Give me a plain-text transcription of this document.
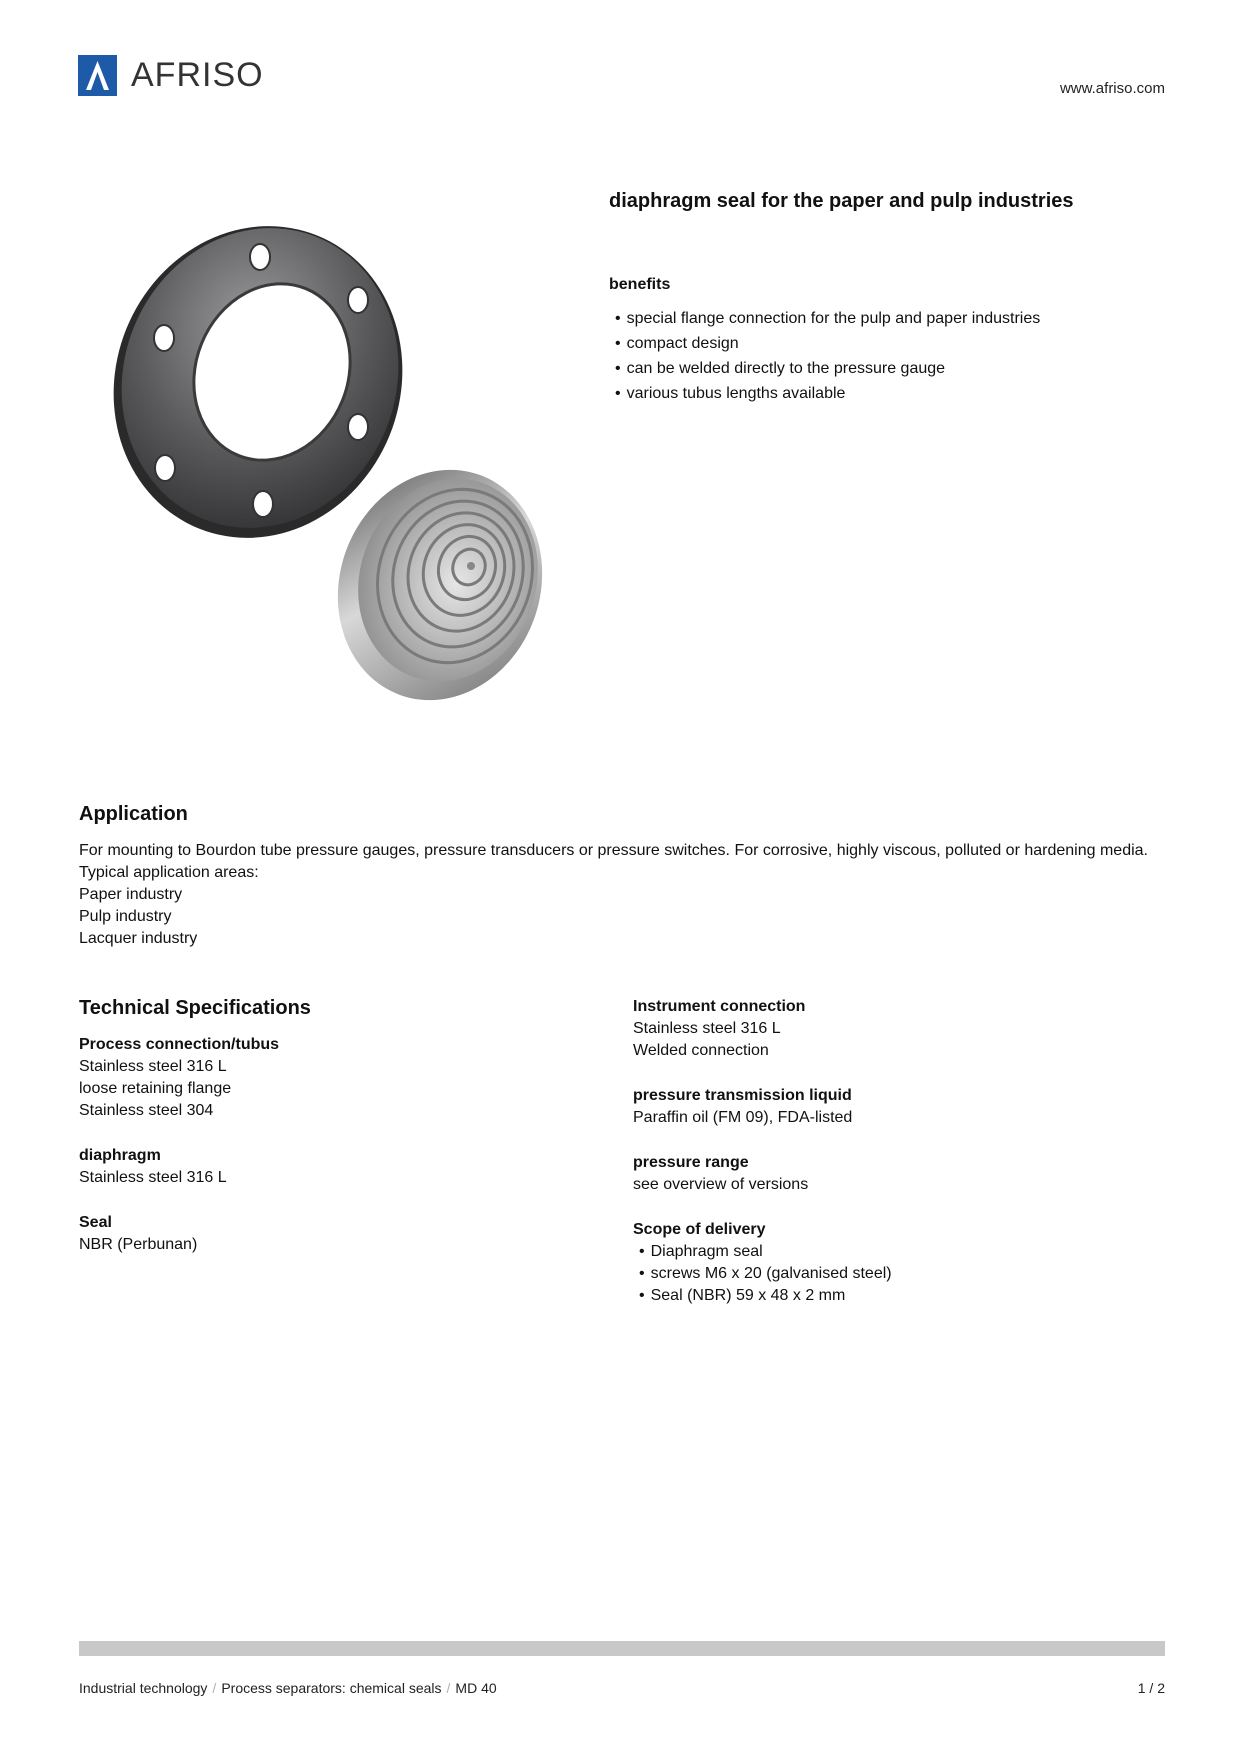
AFRISO	www.afriso.com
diaphragm seal for the paper and pulp industries
benefits
• special flange connection for the pulp and paper industries
• compact design
• can be welded directly to the pressure gauge
• various tubus lengths available
Application
For mounting to Bourdon tube pressure gauges, pressure transducers or pressure switches. For corrosive, highly viscous, polluted or hardening media. Typical application areas:
Paper industry
Pulp industry
Lacquer industry
Technical Specifications
Process connection/tubus
Stainless steel 316 L
loose retaining flange
Stainless steel 304
diaphragm
Stainless steel 316 L
Seal
NBR (Perbunan)
Instrument connection
Stainless steel 316 L
Welded connection
pressure transmission liquid
Paraffin oil (FM 09), FDA-listed
pressure range
see overview of versions
Scope of delivery
• Diaphragm seal
• screws M6 x 20 (galvanised steel)
• Seal (NBR) 59 x 48 x 2 mm
Industrial technology / Process separators: chemical seals / MD 40	1 / 2
